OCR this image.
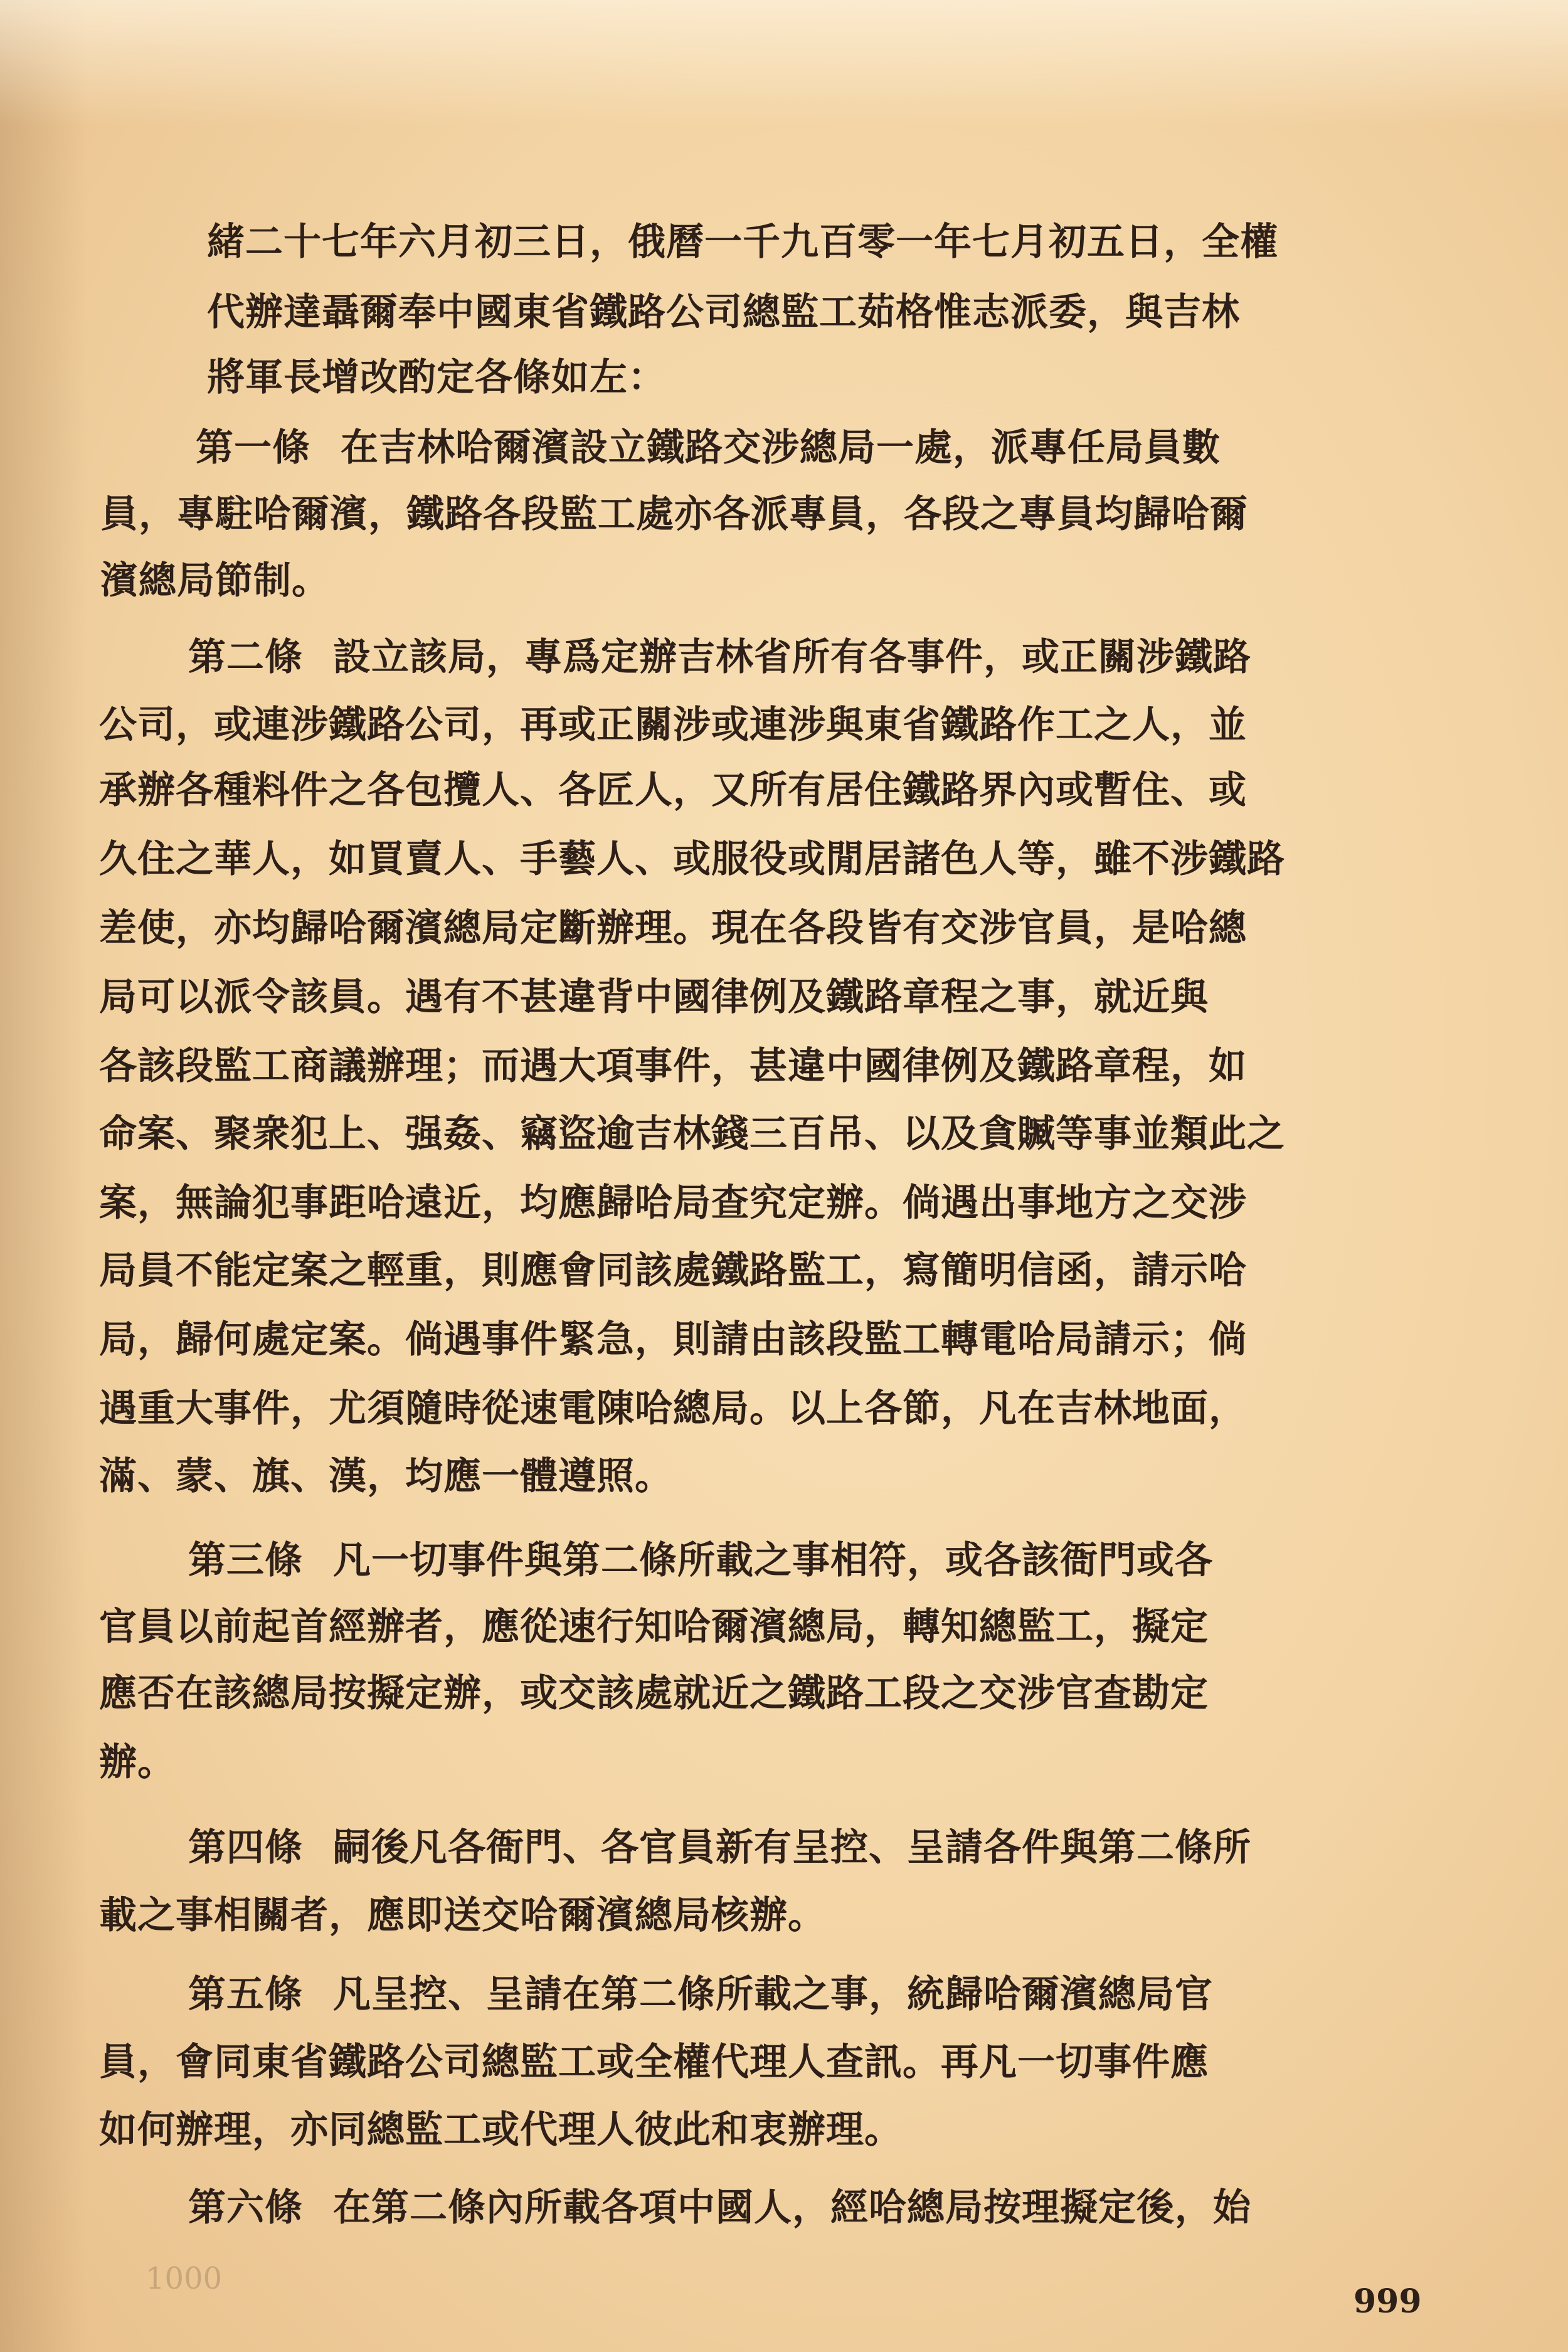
緒二十七年六月初三日，俄曆一千九百零一年七月初五日，全權
代辦達聶爾奉中國東省鐵路公司總監工茹格惟志派委，與吉林
將軍長增改酌定各條如左：
第一條 在吉林哈爾濱設立鐵路交涉總局一處，派專任局員數
員，專駐哈爾濱，鐵路各段監工處亦各派專員，各段之專員均歸哈爾
濱總局節制。
第二條 設立該局，專爲定辦吉林省所有各事件，或正關涉鐵路
公司，或連涉鐵路公司，再或正關涉或連涉與東省鐵路作工之人，並
承辦各種料件之各包攬人、各匠人，又所有居住鐵路界內或暫住、或
久住之華人，如買賣人、手藝人、或服役或閒居諸色人等，雖不涉鐵路
差使，亦均歸哈爾濱總局定斷辦理。現在各段皆有交涉官員，是哈總
局可以派令該員。遇有不甚違背中國律例及鐵路章程之事，就近與
各該段監工商議辦理；而遇大項事件，甚違中國律例及鐵路章程，如
命案、聚衆犯上、强姦、竊盜逾吉林錢三百吊、以及貪贓等事並類此之
案，無論犯事距哈遠近，均應歸哈局查究定辦。倘遇出事地方之交涉
局員不能定案之輕重，則應會同該處鐵路監工，寫簡明信函，請示哈
局，歸何處定案。倘遇事件緊急，則請由該段監工轉電哈局請示；倘
遇重大事件，尤須隨時從速電陳哈總局。以上各節，凡在吉林地面，
滿、蒙、旗、漢，均應一體遵照。
第三條 凡一切事件與第二條所載之事相符，或各該衙門或各
官員以前起首經辦者，應從速行知哈爾濱總局，轉知總監工，擬定
應否在該總局按擬定辦，或交該處就近之鐵路工段之交涉官查勘定
辦。
第四條 嗣後凡各衙門、各官員新有呈控、呈請各件與第二條所
載之事相關者，應即送交哈爾濱總局核辦。
第五條 凡呈控、呈請在第二條所載之事，統歸哈爾濱總局官
員，會同東省鐵路公司總監工或全權代理人查訊。再凡一切事件應
如何辦理，亦同總監工或代理人彼此和衷辦理。
第六條 在第二條內所載各項中國人，經哈總局按理擬定後，始
1000
999
